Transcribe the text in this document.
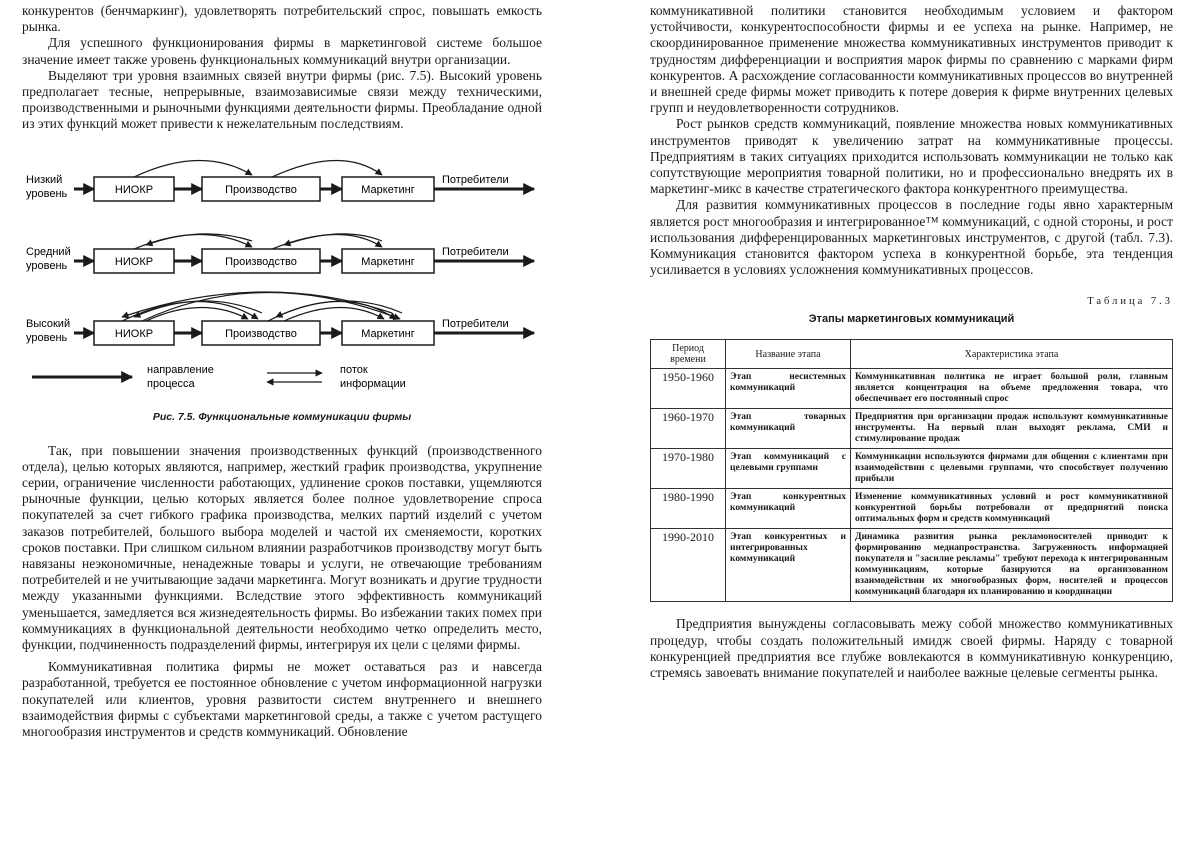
конкурентов (бенчмаркинг), удовлетворять потребительский спрос, повышать емкость рынка.

Для успешного функционирования фирмы в маркетинговой системе большое значение имеет также уровень функциональных коммуникаций внутри организации.

Выделяют три уровня взаимных связей внутри фирмы (рис. 7.5). Высокий уровень предполагает тесные, непрерывные, взаимозависимые связи между техническими, производственными и рыночными функциями деятельности фирмы. Преобладание одной из этих функций может привести к нежелательным последствиям.

Низкий
уровень	НИОКР	Производство	Маркетинг
Потребители
Средний
уровень	НИОКР	Производство	Маркетинг
Потребители
Высокий
уровень	НИОКР	Производство	Маркетинг
Потребители
направление
процесса
поток
информации
Рис. 7.5. Функциональные коммуникации фирмы

Так, при повышении значения производственных функций (производственного отдела), целью которых являются, например, жесткий график производства, укрупнение серии, ограничение численности работающих, удлинение сроков поставки, ущемляются рыночные функции, целью которых является более полное удовлетворение спроса покупателей за счет гибкого графика производства, мелких партий изделий с учетом заказов потребителей, большого выбора моделей и частой их сменяемости, коротких сроков поставки. При слишком сильном влиянии разработчиков производству могут быть навязаны неэкономичные, ненадежные товары и услуги, не отвечающие требованиям потребителей и не учитывающие задачи маркетинга. Могут возникать и другие трудности между указанными функциями. Вследствие этого эффективность коммуникаций уменьшается, замедляется вся жизнедеятельность фирмы. Во избежании таких помех при коммуникациях в функциональной деятельности необходимо четко определить место, функции, подчиненность подразделений фирмы, интегрируя их цели с целями фирмы.

Коммуникативная политика фирмы не может оставаться раз и навсегда разработанной, требуется ее постоянное обновление с учетом информационной нагрузки покупателей или клиентов, уровня развитости систем внутреннего и внешнего взаимодействия фирмы с субъектами маркетинговой среды, а также с учетом растущего многообразия инструментов и средств коммуникаций. Обновление

коммуникативной политики становится необходимым условием и фактором устойчивости, конкурентоспособности фирмы и ее успеха на рынке. Например, не скоординированное применение множества коммуникативных инструментов приводит к трудностям дифференциации и восприятия марок фирмы по сравнению с марками фирм конкурентов. А расхождение согласованности коммуникативных процессов во внутренней и внешней среде фирмы может приводить к потере доверия к фирме внутренних целевых групп и неудовлетворенности сотрудников.

Рост рынков средств коммуникаций, появление множества новых коммуникативных инструментов приводят к увеличению затрат на коммуникативные процессы. Предприятиям в таких ситуациях приходится использовать коммуникации не только как сопутствующие мероприятия товарной политики, но и профессионально внедрять их в маркетинг-микс в качестве стратегического фактора конкурентного преимущества.

Для развития коммуникативных процессов в последние годы явно характерным является рост многообразия и интегрированное™ коммуникаций, с одной стороны, и рост использования дифференцированных маркетинговых инструментов, с другой (табл. 7.3). Коммуникация становится фактором успеха в конкурентной борьбе, эта тенденция усиливается в условиях усложнения коммуникативных процессов.

Таблица 7.3
Этапы маркетинговых коммуникаций
Период времени	Название этапа	Характеристика этапа
1950-1960	Этап несистемных коммуникаций	Коммуникативная политика не играет большой роли, главным является концентрация на объеме предложения товара, что обеспечивает его постоянный спрос
1960-1970	Этап товарных коммуникаций	Предприятия при организации продаж используют коммуникативные инструменты. На первый план выходят реклама, СМИ и стимулирование продаж
1970-1980	Этап коммуникаций с целевыми группами	Коммуникации используются фирмами для общения с клиентами при взаимодействии с целевыми группами, что способствует получению прибыли
1980-1990	Этап конкурентных коммуникаций	Изменение коммуникативных условий и рост коммуникативной конкурентной борьбы потребовали от предприятий поиска оптимальных форм и средств коммуникаций
1990-2010	Этап конкурентных и интегрированных коммуникаций	Динамика развития рынка рекламоносителей приводит к формированию медиапространства. Загруженность информацией покупателя и "засилие рекламы" требуют перехода к интегрированным коммуникациям, которые базируются на организованном взаимодействии их многообразных форм, носителей и процессов коммуникаций благодаря их планированию и координации

Предприятия вынуждены согласовывать межу собой множество коммуникативных процедур, чтобы создать положительный имидж своей фирмы. Наряду с товарной конкуренцией предприятия все глубже вовлекаются в коммуникативную конкуренцию, стремясь завоевать внимание покупателей и наиболее важные целевые сегменты рынка.
